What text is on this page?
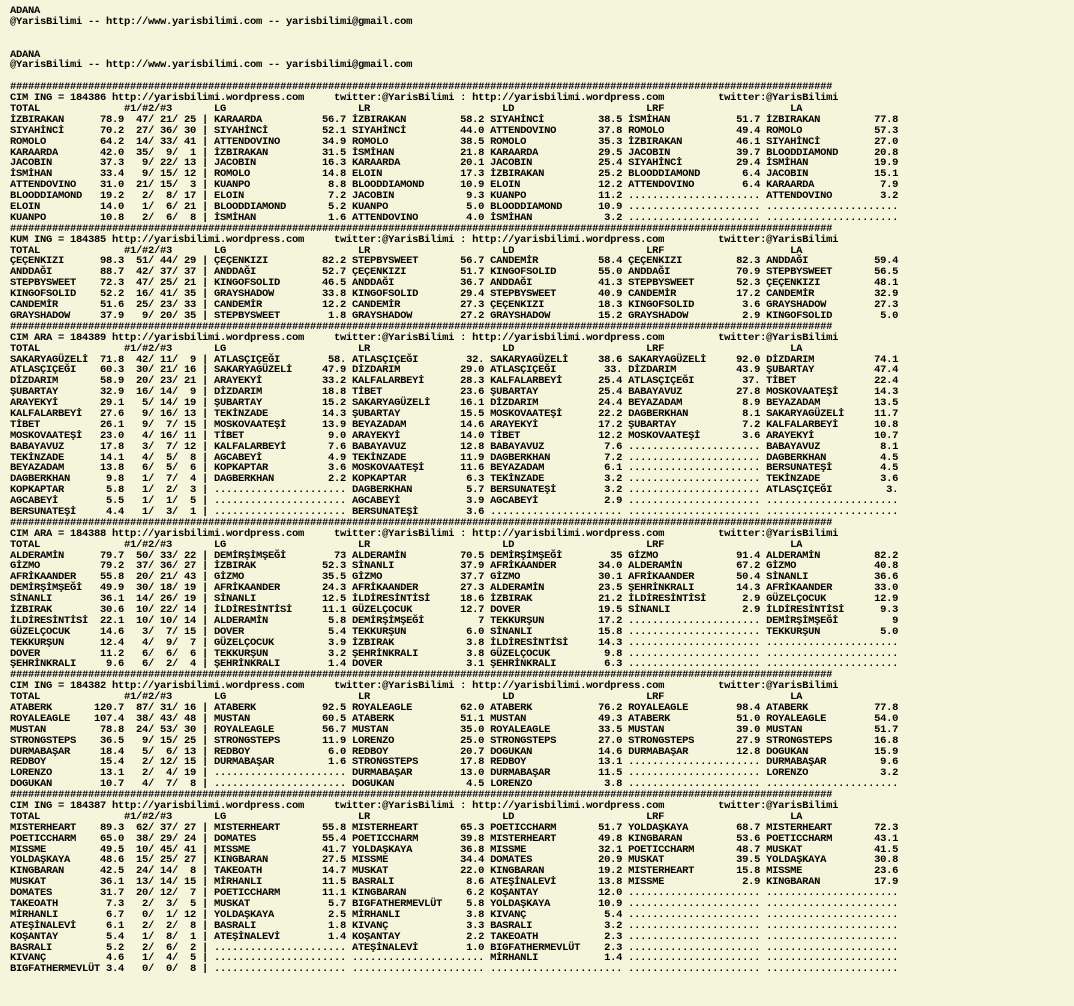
ADANA
@YarisBilimi -- http://www.yarisbilimi.com -- yarisbilimi@gmail.com

ADANA
@YarisBilimi -- http://www.yarisbilimi.com -- yarisbilimi@gmail.com

#########################################################################################################################################
CIM ING = 184386 http://yarisbilimi.wordpress.com     twitter:@YarisBilimi : http://yarisbilimi.wordpress.com         twitter:@YarisBilimi
TOTAL              #1/#2/#3       LG                      LR                      LD                      LRF                     LA
İZBIRAKAN      78.9  47/ 21/ 25 | KARAARDA          56.7 İZBIRAKAN         58.2 SIYAHİNCİ         38.5 İSMİHAN           51.7 İZBIRAKAN         77.8
SIYAHİNCİ      70.2  27/ 36/ 30 | SIYAHİNCİ         52.1 SIYAHİNCİ         44.0 ATTENDOVINO       37.8 ROMOLO            49.4 ROMOLO            57.3
ROMOLO         64.2  14/ 33/ 41 | ATTENDOVINO       34.9 ROMOLO            38.5 ROMOLO            35.3 İZBIRAKAN         46.1 SIYAHİNCİ         27.0
KARAARDA       42.0  35/  9/  1 | İZBIRAKAN         31.5 İSMİHAN           21.8 KARAARDA          29.5 JACOBIN           39.7 BLOODDIAMOND      20.8
JACOBIN        37.3   9/ 22/ 13 | JACOBIN           16.3 KARAARDA          20.1 JACOBIN           25.4 SIYAHİNCİ         29.4 İSMİHAN           19.9
İSMİHAN        33.4   9/ 15/ 12 | ROMOLO            14.8 ELOIN             17.3 İZBIRAKAN         25.2 BLOODDIAMOND       6.4 JACOBIN           15.1
ATTENDOVINO    31.0  21/ 15/  3 | KUANPO             8.8 BLOODDIAMOND      10.9 ELOIN             12.2 ATTENDOVINO        6.4 KARAARDA           7.9
BLOODDIAMOND   19.2   2/  8/ 17 | ELOIN              7.2 JACOBIN            9.3 KUANPO            11.2 ...................... ATTENDOVINO        3.2
ELOIN          14.0   1/  6/ 21 | BLOODDIAMOND       5.2 KUANPO             5.0 BLOODDIAMOND      10.9 ...................... ......................
KUANPO         10.8   2/  6/  8 | İSMİHAN            1.6 ATTENDOVINO        4.0 İSMİHAN            3.2 ...................... ......................
#########################################################################################################################################
KUM ING = 184385 http://yarisbilimi.wordpress.com     twitter:@YarisBilimi : http://yarisbilimi.wordpress.com         twitter:@YarisBilimi
TOTAL              #1/#2/#3       LG                      LR                      LD                      LRF                     LA
ÇEÇENKIZI      98.3  51/ 44/ 29 | ÇEÇENKIZI         82.2 STEPBYSWEET       56.7 CANDEMİR          58.4 ÇEÇENKIZI         82.3 ANDDAĞI           59.4
ANDDAĞI        88.7  42/ 37/ 37 | ANDDAĞI           52.7 ÇEÇENKIZI         51.7 KINGOFSOLID       55.0 ANDDAĞI           70.9 STEPBYSWEET       56.5
STEPBYSWEET    72.3  47/ 25/ 21 | KINGOFSOLID       46.5 ANDDAĞI           36.7 ANDDAĞI           41.3 STEPBYSWEET       52.3 ÇEÇENKIZI         48.1
KINGOFSOLID    52.2  16/ 41/ 35 | GRAYSHADOW        33.8 KINGOFSOLID       29.4 STEPBYSWEET       40.9 CANDEMİR          17.2 CANDEMİR          32.9
CANDEMİR       51.6  25/ 23/ 33 | CANDEMİR          12.2 CANDEMİR          27.3 ÇEÇENKIZI         18.3 KINGOFSOLID        3.6 GRAYSHADOW        27.3
GRAYSHADOW     37.9   9/ 20/ 35 | STEPBYSWEET        1.8 GRAYSHADOW        27.2 GRAYSHADOW        15.2 GRAYSHADOW         2.9 KINGOFSOLID        5.0
#########################################################################################################################################
CIM ARA = 184389 http://yarisbilimi.wordpress.com     twitter:@YarisBilimi : http://yarisbilimi.wordpress.com         twitter:@YarisBilimi
TOTAL              #1/#2/#3       LG                      LR                      LD                      LRF                     LA
SAKARYAGÜZELİ  71.8  42/ 11/  9 | ATLASÇIÇEĞI        58. ATLASÇIÇEĞI        32. SAKARYAGÜZELİ     38.6 SAKARYAGÜZELİ     92.0 DİZDARIM          74.1
ATLASÇIÇEĞI    60.3  30/ 21/ 16 | SAKARYAGÜZELİ     47.9 DİZDARIM          29.0 ATLASÇIÇEĞI        33. DİZDARIM          43.9 ŞUBARTAY          47.4
DİZDARIM       58.9  20/ 23/ 21 | ARAYEKYİ          33.2 KALFALARBEYİ      28.3 KALFALARBEYİ      25.4 ATLASÇIÇEĞI        37. TİBET             22.4
ŞUBARTAY       32.9  16/ 14/  9 | DİZDARIM          18.8 TİBET             23.6 ŞUBARTAY          25.4 BABAYAVUZ         27.8 MOSKOVAATEŞİ      14.3
ARAYEKYİ       29.1   5/ 14/ 19 | ŞUBARTAY          15.2 SAKARYAGÜZELİ     16.1 DİZDARIM          24.4 BEYAZADAM          8.9 BEYAZADAM         13.5
KALFALARBEYİ   27.6   9/ 16/ 13 | TEKİNZADE         14.3 ŞUBARTAY          15.5 MOSKOVAATEŞİ      22.2 DAGBERKHAN         8.1 SAKARYAGÜZELİ     11.7
TİBET          26.1   9/  7/ 15 | MOSKOVAATEŞİ      13.9 BEYAZADAM         14.6 ARAYEKYİ          17.2 ŞUBARTAY           7.2 KALFALARBEYİ      10.8
MOSKOVAATEŞİ   23.0   4/ 16/ 11 | TİBET              9.0 ARAYEKYİ          14.0 TİBET             12.2 MOSKOVAATEŞİ       3.6 ARAYEKYİ          10.7
BABAYAVUZ      17.8   3/  7/ 12 | KALFALARBEYİ       7.6 BABAYAVUZ         12.8 BABAYAVUZ          7.6 ...................... BABAYAVUZ          8.1
TEKİNZADE      14.1   4/  5/  8 | AGCABEYİ           4.9 TEKİNZADE         11.9 DAGBERKHAN         7.2 ...................... DAGBERKHAN         4.5
BEYAZADAM      13.8   6/  5/  6 | KOPKAPTAR          3.6 MOSKOVAATEŞİ      11.6 BEYAZADAM          6.1 ...................... BERSUNATEŞİ        4.5
DAGBERKHAN      9.8   1/  7/  4 | DAGBERKHAN         2.2 KOPKAPTAR          6.3 TEKİNZADE          3.2 ...................... TEKİNZADE          3.6
KOPKAPTAR       5.8   1/  2/  3 | ...................... DAGBERKHAN         5.7 BERSUNATEŞİ        3.2 ...................... ATLASÇIÇEĞI         3.
AGCABEYİ        5.5   1/  1/  5 | ...................... AGCABEYİ           3.9 AGCABEYİ           2.9 ...................... ......................
BERSUNATEŞİ     4.4   1/  3/  1 | ...................... BERSUNATEŞİ        3.6 ...................... ...................... ......................
#########################################################################################################################################
CIM ARA = 184388 http://yarisbilimi.wordpress.com     twitter:@YarisBilimi : http://yarisbilimi.wordpress.com         twitter:@YarisBilimi
TOTAL              #1/#2/#3       LG                      LR                      LD                      LRF                     LA
ALDERAMİN      79.7  50/ 33/ 22 | DEMİRŞİMŞEĞİ        73 ALDERAMİN         70.5 DEMİRŞİMŞEĞİ        35 GİZMO             91.4 ALDERAMİN         82.2
GİZMO          79.2  37/ 36/ 27 | İZBIRAK           52.3 SİNANLI           37.9 AFRİKAANDER       34.0 ALDERAMİN         67.2 GİZMO             40.8
AFRİKAANDER    55.8  20/ 21/ 43 | GİZMO             35.5 GİZMO             37.7 GİZMO             30.1 AFRİKAANDER       50.4 SİNANLI           36.6
DEMİRŞİMŞEĞİ   49.9  30/ 18/ 19 | AFRİKAANDER       24.3 AFRİKAANDER       27.3 ALDERAMİN         23.5 ŞEHRİNKRALI       14.3 AFRİKAANDER       33.0
SİNANLI        36.1  14/ 26/ 19 | SİNANLI           12.5 İLDİRESİNTİSİ     18.6 İZBIRAK           21.2 İLDİRESİNTİSİ      2.9 GÜZELÇOCUK        12.9
İZBIRAK        30.6  10/ 22/ 14 | İLDİRESİNTİSİ     11.1 GÜZELÇOCUK        12.7 DOVER             19.5 SİNANLI            2.9 İLDİRESİNTİSİ      9.3
İLDİRESİNTİSİ  22.1  10/ 10/ 14 | ALDERAMİN          5.8 DEMİRŞİMŞEĞİ         7 TEKKURŞUN         17.2 ...................... DEMİRŞİMŞEĞİ         9
GÜZELÇOCUK     14.6   3/  7/ 15 | DOVER              5.4 TEKKURŞUN          6.0 SİNANLI           15.8 ...................... TEKKURŞUN          5.0
TEKKURŞUN      12.4   4/  9/  7 | GÜZELÇOCUK         3.9 İZBIRAK            3.8 İLDİRESİNTİSİ     14.3 ...................... ......................
DOVER          11.2   6/  6/  6 | TEKKURŞUN          3.2 ŞEHRİNKRALI        3.8 GÜZELÇOCUK         9.8 ...................... ......................
ŞEHRİNKRALI     9.6   6/  2/  4 | ŞEHRİNKRALI        1.4 DOVER              3.1 ŞEHRİNKRALI        6.3 ...................... ......................
#########################################################################################################################################
CIM ING = 184382 http://yarisbilimi.wordpress.com     twitter:@YarisBilimi : http://yarisbilimi.wordpress.com         twitter:@YarisBilimi
TOTAL              #1/#2/#3       LG                      LR                      LD                      LRF                     LA
ATABERK       120.7  87/ 31/ 16 | ATABERK           92.5 ROYALEAGLE        62.0 ATABERK           76.2 ROYALEAGLE        98.4 ATABERK           77.8
ROYALEAGLE    107.4  38/ 43/ 48 | MUSTAN            60.5 ATABERK           51.1 MUSTAN            49.3 ATABERK           51.0 ROYALEAGLE        54.0
MUSTAN         78.8  24/ 53/ 30 | ROYALEAGLE        56.7 MUSTAN            35.0 ROYALEAGLE        33.5 MUSTAN            39.0 MUSTAN            51.7
STRONGSTEPS    36.5   9/ 15/ 25 | STRONGSTEPS       11.9 LORENZO           25.0 STRONGSTEPS       27.0 STRONGSTEPS       27.9 STRONGSTEPS       16.8
DURMABAŞAR     18.4   5/  6/ 13 | REDBOY             6.0 REDBOY            20.7 DOGUKAN           14.6 DURMABAŞAR        12.8 DOGUKAN           15.9
REDBOY         15.4   2/ 12/ 15 | DURMABAŞAR         1.6 STRONGSTEPS       17.8 REDBOY            13.1 ...................... DURMABAŞAR         9.6
LORENZO        13.1   2/  4/ 19 | ...................... DURMABAŞAR        13.0 DURMABAŞAR        11.5 ...................... LORENZO            3.2
DOGUKAN        10.7   4/  7/  8 | ...................... DOGUKAN            4.5 LORENZO            3.8 ...................... ......................
#########################################################################################################################################
CIM ING = 184387 http://yarisbilimi.wordpress.com     twitter:@YarisBilimi : http://yarisbilimi.wordpress.com         twitter:@YarisBilimi
TOTAL              #1/#2/#3       LG                      LR                      LD                      LRF                     LA
MISTERHEART    89.3  62/ 37/ 27 | MISTERHEART       55.8 MISTERHEART       65.3 POETICCHARM       51.7 YOLDAŞKAYA        68.7 MISTERHEART       72.3
POETICCHARM    65.0  38/ 29/ 24 | DOMATES           55.4 POETICCHARM       39.8 MISTERHEART       49.8 KINGBARAN         53.6 POETICCHARM       43.1
MISSME         49.5  10/ 45/ 41 | MISSME            41.7 YOLDAŞKAYA        36.8 MISSME            32.1 POETICCHARM       48.7 MUSKAT            41.5
YOLDAŞKAYA     48.6  15/ 25/ 27 | KINGBARAN         27.5 MISSME            34.4 DOMATES           20.9 MUSKAT            39.5 YOLDAŞKAYA        30.8
KINGBARAN      42.5  24/ 14/  8 | TAKEOATH          14.7 MUSKAT            22.0 KINGBARAN         19.2 MISTERHEART       15.8 MISSME            23.6
MUSKAT         36.1  13/ 14/ 15 | MİRHANLI          11.5 BASRALI            8.6 ATEŞİNALEVİ       13.8 MISSME             2.9 KINGBARAN         17.9
DOMATES        31.7  20/ 12/  7 | POETICCHARM       11.1 KINGBARAN          6.2 KOŞANTAY          12.0 ...................... ......................
TAKEOATH        7.3   2/  3/  5 | MUSKAT             5.7 BIGFATHERMEVLÜT    5.8 YOLDAŞKAYA        10.9 ...................... ......................
MİRHANLI        6.7   0/  1/ 12 | YOLDAŞKAYA         2.5 MİRHANLI           3.8 KIVANÇ             5.4 ...................... ......................
ATEŞİNALEVİ     6.1   2/  2/  8 | BASRALI            1.8 KIVANÇ             3.3 BASRALI            3.2 ...................... ......................
KOŞANTAY        5.4   1/  8/  1 | ATEŞİNALEVİ        1.4 KOŞANTAY           2.2 TAKEOATH           2.3 ...................... ......................
BASRALI         5.2   2/  6/  2 | ...................... ATEŞİNALEVİ        1.0 BIGFATHERMEVLÜT    2.3 ...................... ......................
KIVANÇ          4.6   1/  4/  5 | ...................... ...................... MİRHANLI           1.4 ...................... ......................
BIGFATHERMEVLÜT 3.4   0/  0/  8 | ...................... ...................... ...................... ...................... ......................
